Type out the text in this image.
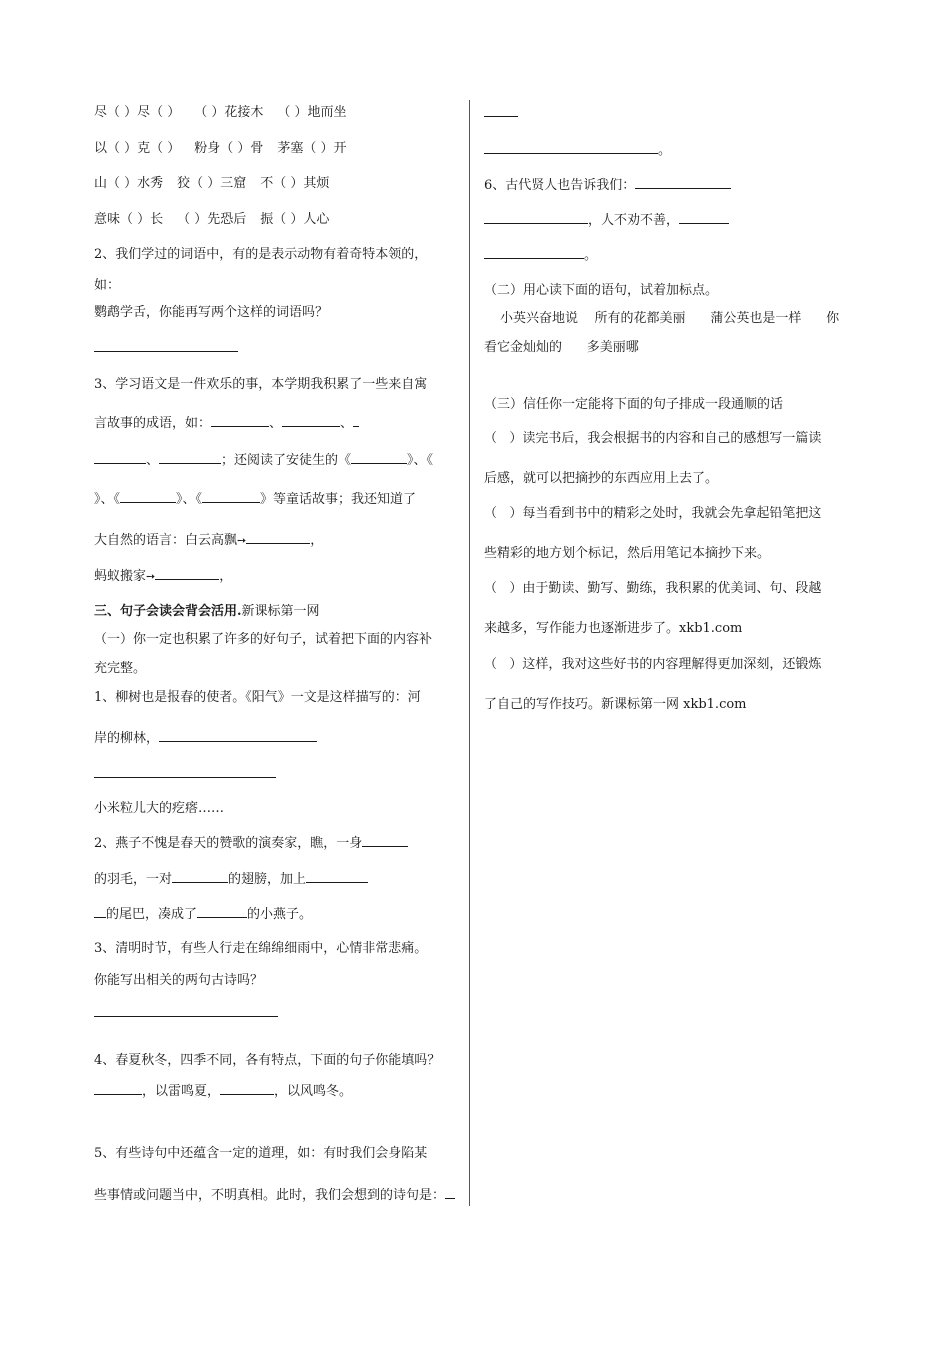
尽（ ）尽（ ） （ ）花接木 （ ）地而坐
以（ ）克（ ） 粉身（ ）骨 茅塞（ ）开
山（ ）水秀 狡（ ）三窟 不（ ）其烦
意味（ ）长 （ ）先恐后 振（ ）人心
2、我们学过的词语中，有的是表示动物有着奇特本领的，
如：
鹦鹉学舌，你能再写两个这样的词语吗？
3、学习语文是一件欢乐的事，本学期我积累了一些来自寓
言故事的成语，如：	、	、
、	；还阅读了安徒生的《	》、《
》、《	》、《	》等童话故事；我还知道了
大自然的语言：白云高飘➙	，
蚂蚁搬家➙	，
三、句子会读会背会活用.新课标第一网
（一）你一定也积累了许多的好句子，试着把下面的内容补
充完整。
1、柳树也是报春的使者。《阳气》一文是这样描写的：河
岸的柳林，
小米粒儿大的疙瘩……
2、燕子不愧是春天的赞歌的演奏家，瞧，一身
的羽毛，一对	的翅膀，加上
的尾巴，凑成了	的小燕子。
3、清明时节，有些人行走在绵绵细雨中，心情非常悲痛。
你能写出相关的两句古诗吗？
4、春夏秋冬，四季不同，各有特点，下面的句子你能填吗？
，以雷鸣夏，	，以风鸣冬。
5、有些诗句中还蕴含一定的道理，如：有时我们会身陷某
些事情或问题当中，不明真相。此时，我们会想到的诗句是：
。
6、古代贤人也告诉我们：
，人不劝不善，
。
（二）用心读下面的语句，试着加标点。
小英兴奋地说    所有的花都美丽      蒲公英也是一样      你
看它金灿灿的      多美丽哪
（三）信任你一定能将下面的句子排成一段通顺的话
（   ）读完书后，我会根据书的内容和自己的感想写一篇读
后感，就可以把摘抄的东西应用上去了。
（   ）每当看到书中的精彩之处时，我就会先拿起铅笔把这
些精彩的地方划个标记，然后用笔记本摘抄下来。
（   ）由于勤读、勤写、勤练，我积累的优美词、句、段越
来越多，写作能力也逐渐进步了。xkb1.com
（   ）这样，我对这些好书的内容理解得更加深刻，还锻炼
了自己的写作技巧。新课标第一网 xkb1.com
